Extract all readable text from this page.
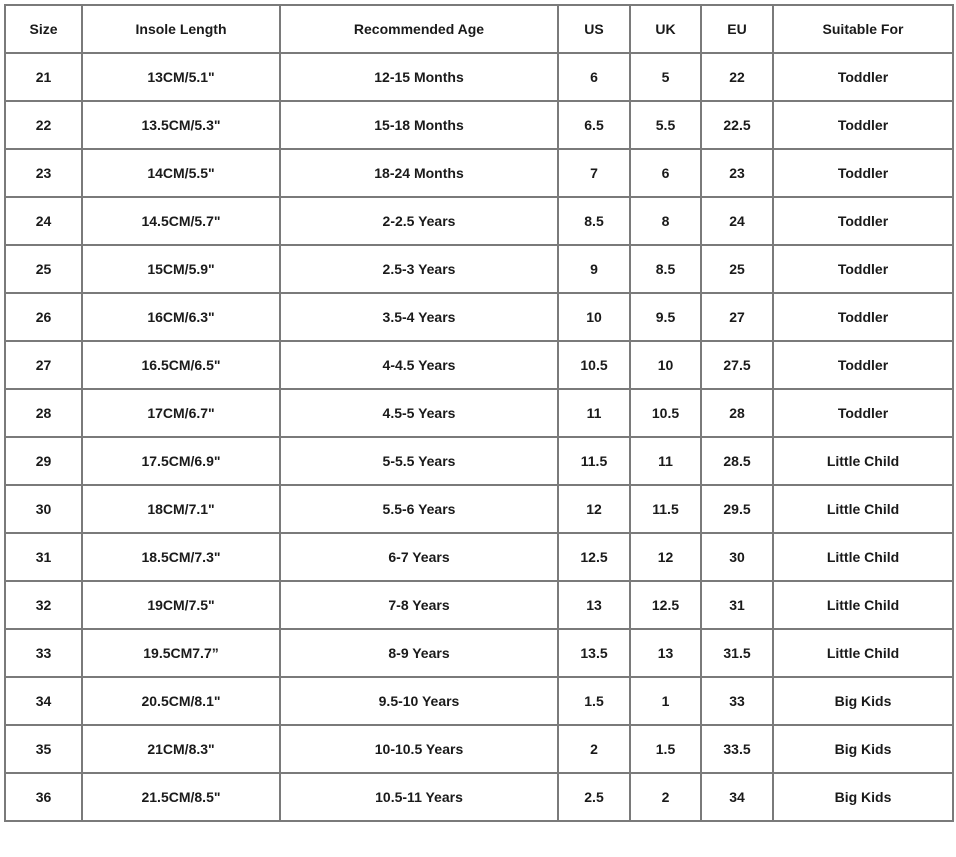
Size	Insole Length	Recommended Age	US	UK	EU	Suitable For
21	13CM/5.1"	12-15 Months	6	5	22	Toddler
22	13.5CM/5.3"	15-18 Months	6.5	5.5	22.5	Toddler
23	14CM/5.5"	18-24 Months	7	6	23	Toddler
24	14.5CM/5.7"	2-2.5 Years	8.5	8	24	Toddler
25	15CM/5.9"	2.5-3 Years	9	8.5	25	Toddler
26	16CM/6.3"	3.5-4 Years	10	9.5	27	Toddler
27	16.5CM/6.5"	4-4.5 Years	10.5	10	27.5	Toddler
28	17CM/6.7"	4.5-5 Years	11	10.5	28	Toddler
29	17.5CM/6.9"	5-5.5 Years	11.5	11	28.5	Little Child
30	18CM/7.1"	5.5-6 Years	12	11.5	29.5	Little Child
31	18.5CM/7.3"	6-7 Years	12.5	12	30	Little Child
32	19CM/7.5"	7-8 Years	13	12.5	31	Little Child
33	19.5CM7.7”	8-9 Years	13.5	13	31.5	Little Child
34	20.5CM/8.1"	9.5-10 Years	1.5	1	33	Big Kids
35	21CM/8.3"	10-10.5 Years	2	1.5	33.5	Big Kids
36	21.5CM/8.5"	10.5-11 Years	2.5	2	34	Big Kids
